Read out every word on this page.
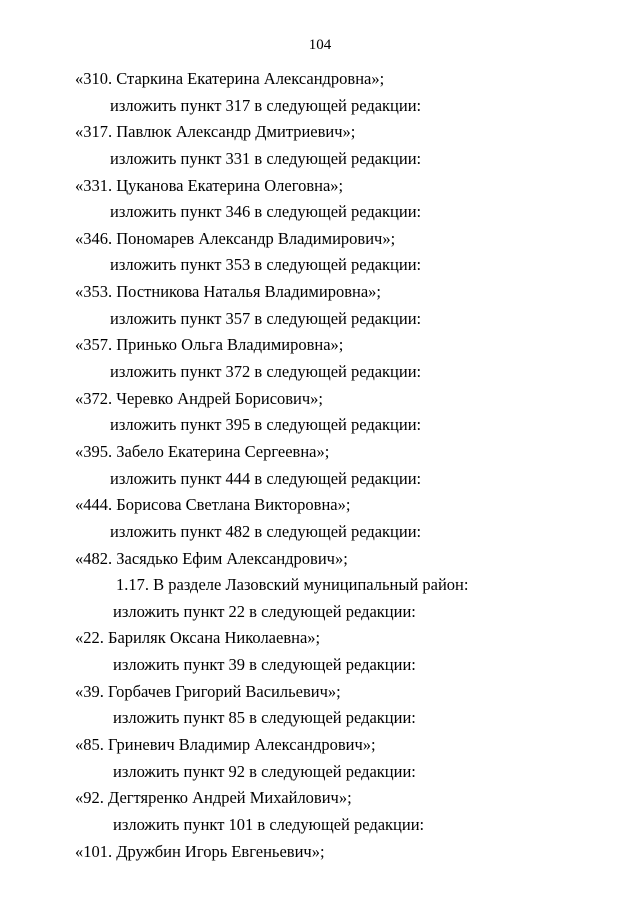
104
«310. Старкина Екатерина Александровна»;
изложить пункт 317 в следующей редакции:
«317. Павлюк Александр Дмитриевич»;
изложить пункт 331 в следующей редакции:
«331. Цуканова Екатерина Олеговна»;
изложить пункт 346 в следующей редакции:
«346. Пономарев Александр Владимирович»;
изложить пункт 353 в следующей редакции:
«353. Постникова Наталья Владимировна»;
изложить пункт 357 в следующей редакции:
«357. Принько Ольга Владимировна»;
изложить пункт 372 в следующей редакции:
«372. Черевко Андрей Борисович»;
изложить пункт 395 в следующей редакции:
«395. Забело Екатерина Сергеевна»;
изложить пункт 444 в следующей редакции:
«444. Борисова Светлана Викторовна»;
изложить пункт 482 в следующей редакции:
«482. Засядько Ефим Александрович»;
1.17. В разделе Лазовский муниципальный район:
изложить пункт 22 в следующей редакции:
«22. Бариляк Оксана Николаевна»;
изложить пункт 39 в следующей редакции:
«39. Горбачев Григорий Васильевич»;
изложить пункт 85 в следующей редакции:
«85. Гриневич Владимир Александрович»;
изложить пункт 92 в следующей редакции:
«92. Дегтяренко Андрей Михайлович»;
изложить пункт 101 в следующей редакции:
«101. Дружбин Игорь Евгеньевич»;
